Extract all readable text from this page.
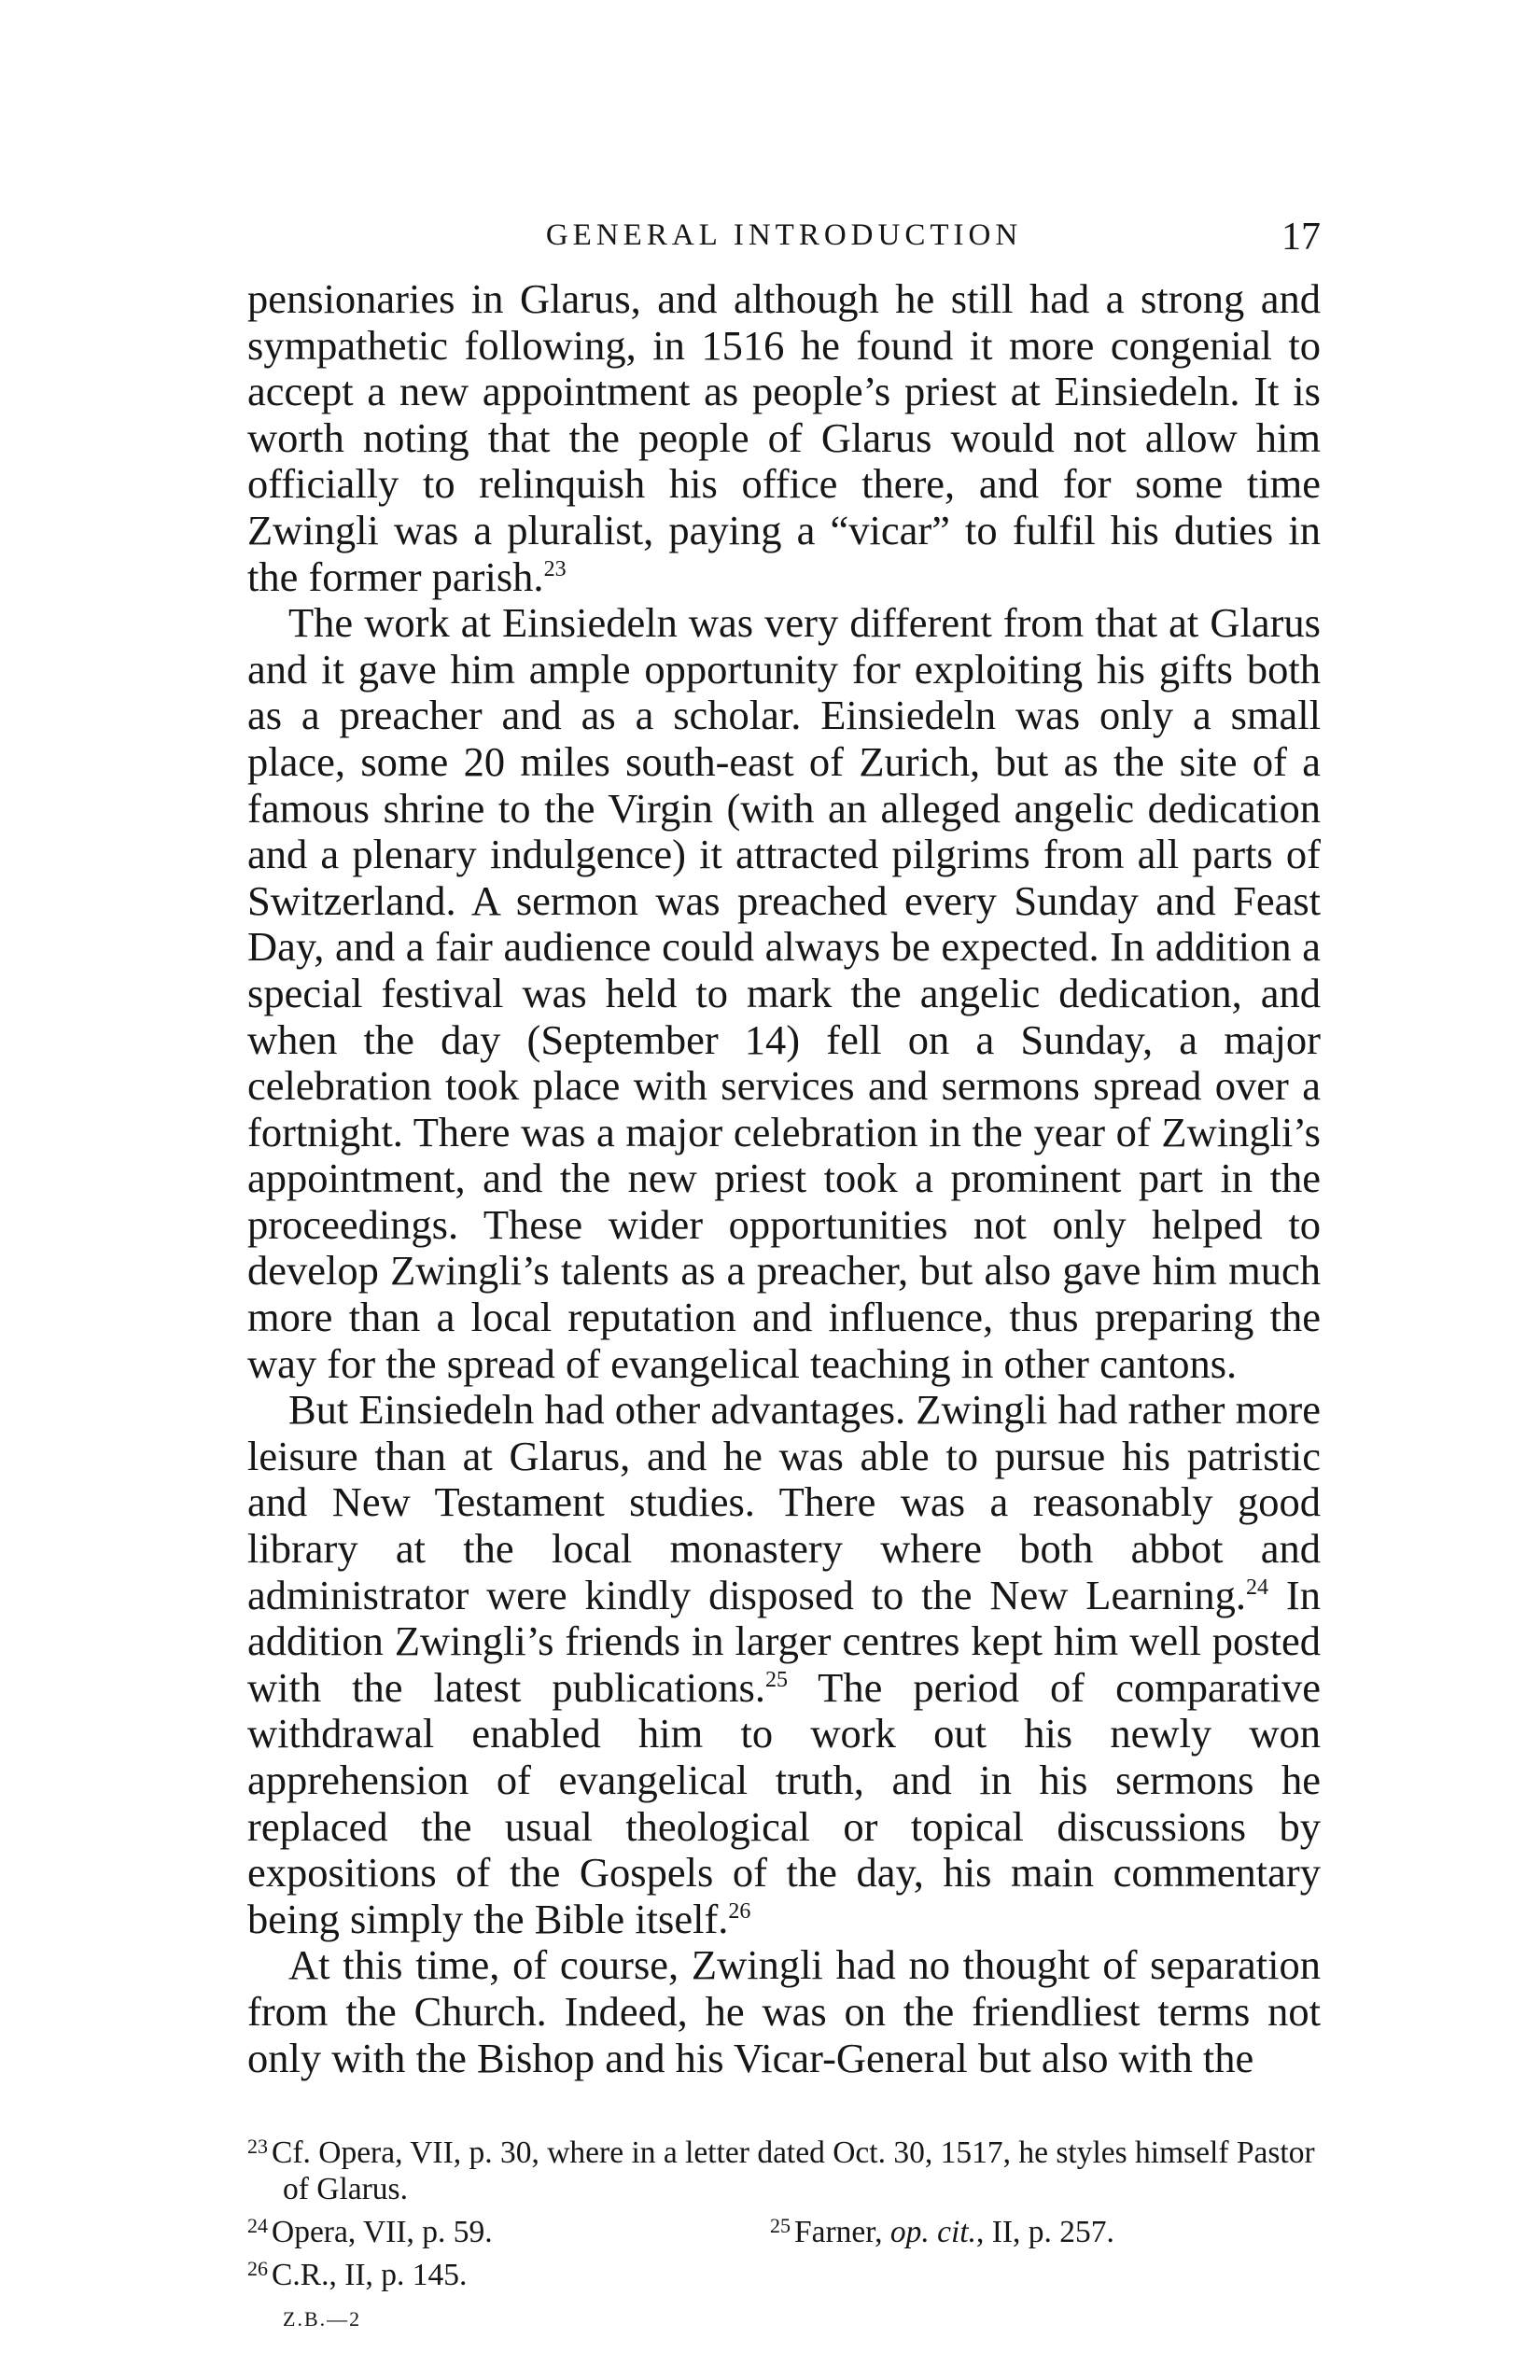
GENERAL INTRODUCTION	17

pensionaries in Glarus, and although he still had a strong and sympathetic following, in 1516 he found it more congenial to accept a new appointment as people’s priest at Einsiedeln. It is worth noting that the people of Glarus would not allow him officially to relinquish his office there, and for some time Zwingli was a pluralist, paying a “vicar” to fulfil his duties in the former parish.$^{23}$

The work at Einsiedeln was very different from that at Glarus and it gave him ample opportunity for exploiting his gifts both as a preacher and as a scholar. Einsiedeln was only a small place, some 20 miles south-east of Zurich, but as the site of a famous shrine to the Virgin (with an alleged angelic dedication and a plenary indulgence) it attracted pilgrims from all parts of Switzerland. A sermon was preached every Sunday and Feast Day, and a fair audience could always be expected. In addition a special festival was held to mark the angelic dedication, and when the day (September 14) fell on a Sunday, a major celebration took place with services and sermons spread over a fortnight. There was a major celebration in the year of Zwingli’s appointment, and the new priest took a prominent part in the proceedings. These wider opportunities not only helped to develop Zwingli’s talents as a preacher, but also gave him much more than a local reputation and influence, thus preparing the way for the spread of evangelical teaching in other cantons.

But Einsiedeln had other advantages. Zwingli had rather more leisure than at Glarus, and he was able to pursue his patristic and New Testament studies. There was a reasonably good library at the local monastery where both abbot and administrator were kindly disposed to the New Learning.$^{24}$ In addition Zwingli’s friends in larger centres kept him well posted with the latest publications.$^{25}$ The period of comparative withdrawal enabled him to work out his newly won apprehension of evangelical truth, and in his sermons he replaced the usual theological or topical discussions by expositions of the Gospels of the day, his main commentary being simply the Bible itself.$^{26}$

At this time, of course, Zwingli had no thought of separation from the Church. Indeed, he was on the friendliest terms not only with the Bishop and his Vicar-General but also with the

$^{23}$ Cf. Opera, VII, p. 30, where in a letter dated Oct. 30, 1517, he styles himself Pastor of Glarus.
$^{24}$ Opera, VII, p. 59.	$^{25}$ Farner, op. cit., II, p. 257.
$^{26}$ C.R., II, p. 145.
Z.B.—2
